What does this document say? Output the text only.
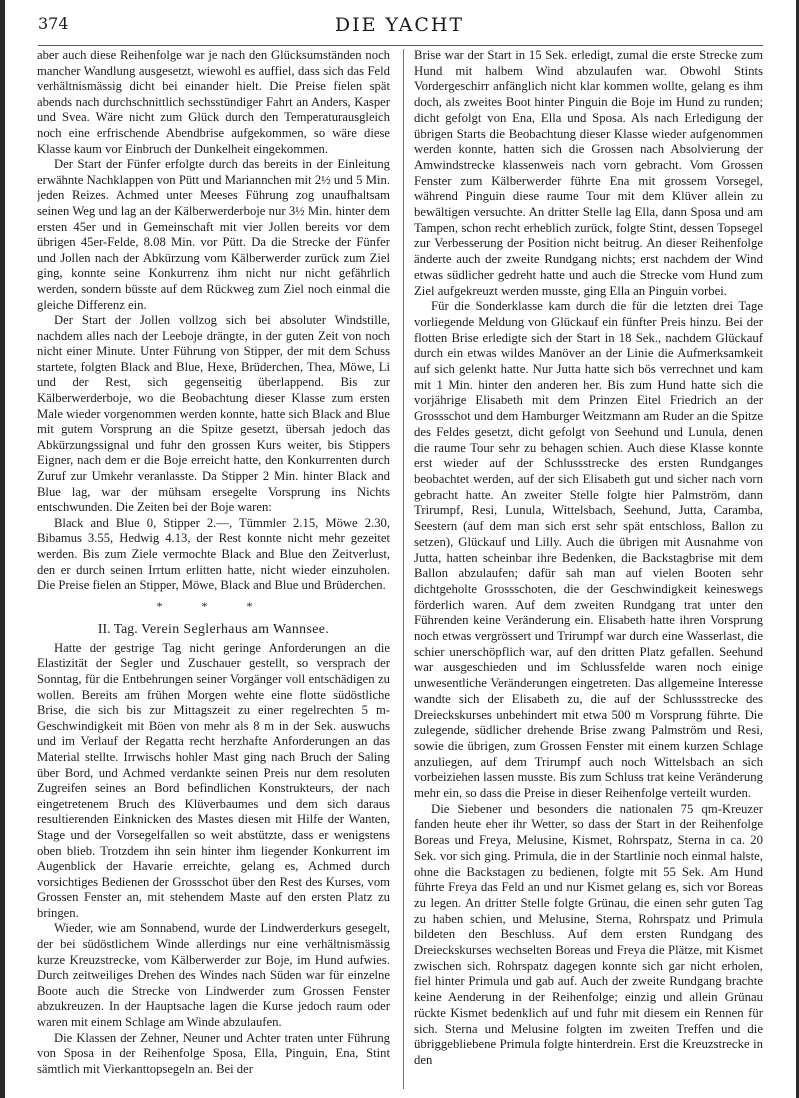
374	DIE YACHT

aber auch diese Reihenfolge war je nach den Glücksumständen noch mancher Wandlung ausgesetzt, wiewohl es auffiel, dass sich das Feld verhältnismässig dicht bei einander hielt. Die Preise fielen spät abends nach durchschnittlich sechsstündiger Fahrt an Anders, Kasper und Svea. Wäre nicht zum Glück durch den Temperaturausgleich noch eine erfrischende Abendbrise aufgekommen, so wäre diese Klasse kaum vor Einbruch der Dunkelheit eingekommen.

Der Start der Fünfer erfolgte durch das bereits in der Einleitung erwähnte Nachklappen von Pütt und Mariannchen mit 2½ und 5 Min. jeden Reizes. Achmed unter Meeses Führung zog unaufhaltsam seinen Weg und lag an der Kälberwerderboje nur 3½ Min. hinter dem ersten 45er und in Gemeinschaft mit vier Jollen bereits vor dem übrigen 45er-Felde, 8.08 Min. vor Pütt. Da die Strecke der Fünfer und Jollen nach der Abkürzung vom Kälberwerder zurück zum Ziel ging, konnte seine Konkurrenz ihm nicht nur nicht gefährlich werden, sondern büsste auf dem Rückweg zum Ziel noch einmal die gleiche Differenz ein.

Der Start der Jollen vollzog sich bei absoluter Windstille, nachdem alles nach der Leeboje drängte, in der guten Zeit von noch nicht einer Minute. Unter Führung von Stipper, der mit dem Schuss startete, folgten Black and Blue, Hexe, Brüderchen, Thea, Möwe, Li und der Rest, sich gegenseitig überlappend. Bis zur Kälberwerderboje, wo die Beobachtung dieser Klasse zum ersten Male wieder vorgenommen werden konnte, hatte sich Black and Blue mit gutem Vorsprung an die Spitze gesetzt, übersah jedoch das Abkürzungssignal und fuhr den grossen Kurs weiter, bis Stippers Eigner, nach dem er die Boje erreicht hatte, den Konkurrenten durch Zuruf zur Umkehr veranlasste. Da Stipper 2 Min. hinter Black and Blue lag, war der mühsam ersegelte Vorsprung ins Nichts entschwunden. Die Zeiten bei der Boje waren:

Black and Blue 0, Stipper 2.—, Tümmler 2.15, Möwe 2.30, Bibamus 3.55, Hedwig 4.13, der Rest konnte nicht mehr gezeitet werden. Bis zum Ziele vermochte Black and Blue den Zeitverlust, den er durch seinen Irrtum erlitten hatte, nicht wieder einzuholen. Die Preise fielen an Stipper, Möwe, Black and Blue und Brüderchen.

* * *
II. Tag. Verein Seglerhaus am Wannsee.

Hatte der gestrige Tag nicht geringe Anforderungen an die Elastizität der Segler und Zuschauer gestellt, so versprach der Sonntag, für die Entbehrungen seiner Vorgänger voll entschädigen zu wollen. Bereits am frühen Morgen wehte eine flotte südöstliche Brise, die sich bis zur Mittagszeit zu einer regelrechten 5 m-Geschwindigkeit mit Böen von mehr als 8 m in der Sek. auswuchs und im Verlauf der Regatta recht herzhafte Anforderungen an das Material stellte. Irrwischs hohler Mast ging nach Bruch der Saling über Bord, und Achmed verdankte seinen Preis nur dem resoluten Zugreifen seines an Bord befindlichen Konstrukteurs, der nach eingetretenem Bruch des Klüverbaumes und dem sich daraus resultierenden Einknicken des Mastes diesen mit Hilfe der Wanten, Stage und der Vorsegelfallen so weit abstützte, dass er wenigstens oben blieb. Trotzdem ihn sein hinter ihm liegender Konkurrent im Augenblick der Havarie erreichte, gelang es, Achmed durch vorsichtiges Bedienen der Grossschot über den Rest des Kurses, vom Grossen Fenster an, mit stehendem Maste auf den ersten Platz zu bringen.

Wieder, wie am Sonnabend, wurde der Lindwerderkurs gesegelt, der bei südöstlichem Winde allerdings nur eine verhältnismässig kurze Kreuzstrecke, vom Kälberwerder zur Boje, im Hund aufwies. Durch zeitweiliges Drehen des Windes nach Süden war für einzelne Boote auch die Strecke von Lindwerder zum Grossen Fenster abzukreuzen. In der Hauptsache lagen die Kurse jedoch raum oder waren mit einem Schlage am Winde abzulaufen.

Die Klassen der Zehner, Neuner und Achter traten unter Führung von Sposa in der Reihenfolge Sposa, Ella, Pinguin, Ena, Stint sämtlich mit Vierkanttopsegeln an. Bei der

Brise war der Start in 15 Sek. erledigt, zumal die erste Strecke zum Hund mit halbem Wind abzulaufen war. Obwohl Stints Vordergeschirr anfänglich nicht klar kommen wollte, gelang es ihm doch, als zweites Boot hinter Pinguin die Boje im Hund zu runden; dicht gefolgt von Ena, Ella und Sposa. Als nach Erledigung der übrigen Starts die Beobachtung dieser Klasse wieder aufgenommen werden konnte, hatten sich die Grossen nach Absolvierung der Amwindstrecke klassenweis nach vorn gebracht. Vom Grossen Fenster zum Kälberwerder führte Ena mit grossem Vorsegel, während Pinguin diese raume Tour mit dem Klüver allein zu bewältigen versuchte. An dritter Stelle lag Ella, dann Sposa und am Tampen, schon recht erheblich zurück, folgte Stint, dessen Topsegel zur Verbesserung der Position nicht beitrug. An dieser Reihenfolge änderte auch der zweite Rundgang nichts; erst nachdem der Wind etwas südlicher gedreht hatte und auch die Strecke vom Hund zum Ziel aufgekreuzt werden musste, ging Ella an Pinguin vorbei.

Für die Sonderklasse kam durch die für die letzten drei Tage vorliegende Meldung von Glückauf ein fünfter Preis hinzu. Bei der flotten Brise erledigte sich der Start in 18 Sek., nachdem Glückauf durch ein etwas wildes Manöver an der Linie die Aufmerksamkeit auf sich gelenkt hatte. Nur Jutta hatte sich bös verrechnet und kam mit 1 Min. hinter den anderen her. Bis zum Hund hatte sich die vorjährige Elisabeth mit dem Prinzen Eitel Friedrich an der Grossschot und dem Hamburger Weitzmann am Ruder an die Spitze des Feldes gesetzt, dicht gefolgt von Seehund und Lunula, denen die raume Tour sehr zu behagen schien. Auch diese Klasse konnte erst wieder auf der Schlussstrecke des ersten Rundganges beobachtet werden, auf der sich Elisabeth gut und sicher nach vorn gebracht hatte. An zweiter Stelle folgte hier Palmström, dann Trirumpf, Resi, Lunula, Wittelsbach, Seehund, Jutta, Caramba, Seestern (auf dem man sich erst sehr spät entschloss, Ballon zu setzen), Glückauf und Lilly. Auch die übrigen mit Ausnahme von Jutta, hatten scheinbar ihre Bedenken, die Backstagbrise mit dem Ballon abzulaufen; dafür sah man auf vielen Booten sehr dichtgeholte Grossschoten, die der Geschwindigkeit keineswegs förderlich waren. Auf dem zweiten Rundgang trat unter den Führenden keine Veränderung ein. Elisabeth hatte ihren Vorsprung noch etwas vergrössert und Trirumpf war durch eine Wasserlast, die schier unerschöpflich war, auf den dritten Platz gefallen. Seehund war ausgeschieden und im Schlussfelde waren noch einige unwesentliche Veränderungen eingetreten. Das allgemeine Interesse wandte sich der Elisabeth zu, die auf der Schlussstrecke des Dreieckskurses unbehindert mit etwa 500 m Vorsprung führte. Die zulegende, südlicher drehende Brise zwang Palmström und Resi, sowie die übrigen, zum Grossen Fenster mit einem kurzen Schlage anzuliegen, auf dem Trirumpf auch noch Wittelsbach an sich vorbeiziehen lassen musste. Bis zum Schluss trat keine Veränderung mehr ein, so dass die Preise in dieser Reihenfolge verteilt wurden.

Die Siebener und besonders die nationalen 75 qm-Kreuzer fanden heute eher ihr Wetter, so dass der Start in der Reihenfolge Boreas und Freya, Melusine, Kismet, Rohrspatz, Sterna in ca. 20 Sek. vor sich ging. Primula, die in der Startlinie noch einmal halste, ohne die Backstagen zu bedienen, folgte mit 55 Sek. Am Hund führte Freya das Feld an und nur Kismet gelang es, sich vor Boreas zu legen. An dritter Stelle folgte Grünau, die einen sehr guten Tag zu haben schien, und Melusine, Sterna, Rohrspatz und Primula bildeten den Beschluss. Auf dem ersten Rundgang des Dreieckskurses wechselten Boreas und Freya die Plätze, mit Kismet zwischen sich. Rohrspatz dagegen konnte sich gar nicht erholen, fiel hinter Primula und gab auf. Auch der zweite Rundgang brachte keine Aenderung in der Reihenfolge; einzig und allein Grünau rückte Kismet bedenklich auf und fuhr mit diesem ein Rennen für sich. Sterna und Melusine folgten im zweiten Treffen und die übriggebliebene Primula folgte hinterdrein. Erst die Kreuzstrecke in den
